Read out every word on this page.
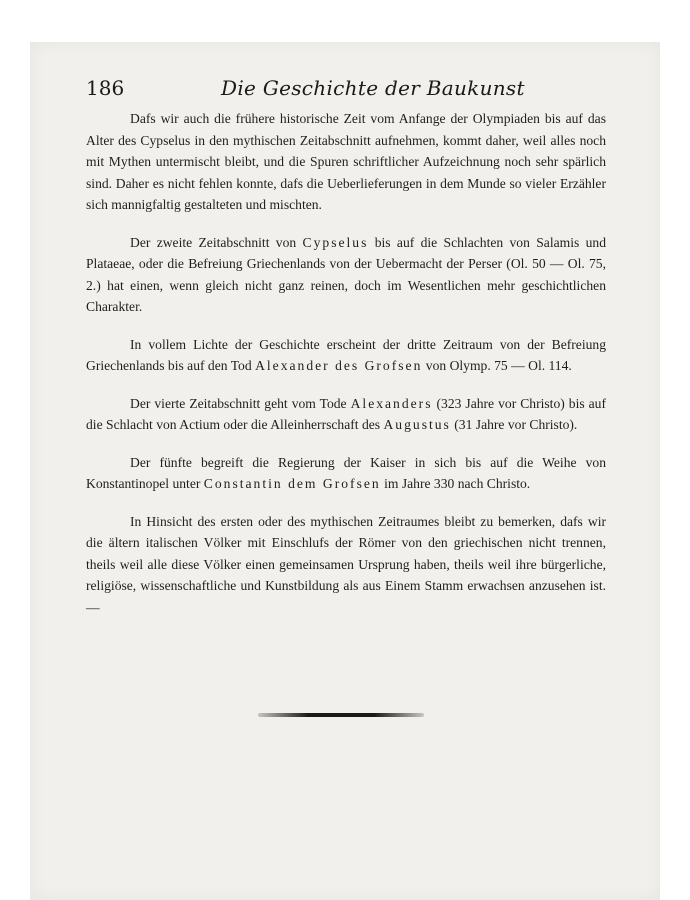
186	Die Geschichte der Baukunst

Dafs wir auch die frühere historische Zeit vom Anfange der Olympiaden bis auf das Alter des Cypselus in den mythischen Zeitabschnitt aufnehmen, kommt daher, weil alles noch mit Mythen untermischt bleibt, und die Spuren schriftlicher Aufzeichnung noch sehr spärlich sind. Daher es nicht fehlen konnte, dafs die Ueberlieferungen in dem Munde so vieler Erzähler sich mannigfaltig gestalteten und mischten.

Der zweite Zeitabschnitt von Cypselus bis auf die Schlachten von Salamis und Plataeae, oder die Befreiung Griechenlands von der Uebermacht der Perser (Ol. 50 — Ol. 75, 2.) hat einen, wenn gleich nicht ganz reinen, doch im Wesentlichen mehr geschichtlichen Charakter.

In vollem Lichte der Geschichte erscheint der dritte Zeitraum von der Befreiung Griechenlands bis auf den Tod Alexander des Grofsen von Olymp. 75 — Ol. 114.

Der vierte Zeitabschnitt geht vom Tode Alexanders (323 Jahre vor Christo) bis auf die Schlacht von Actium oder die Alleinherrschaft des Augustus (31 Jahre vor Christo).

Der fünfte begreift die Regierung der Kaiser in sich bis auf die Weihe von Konstantinopel unter Constantin dem Grofsen im Jahre 330 nach Christo.

In Hinsicht des ersten oder des mythischen Zeitraumes bleibt zu bemerken, dafs wir die ältern italischen Völker mit Einschlufs der Römer von den griechischen nicht trennen, theils weil alle diese Völker einen gemeinsamen Ursprung haben, theils weil ihre bürgerliche, religiöse, wissenschaftliche und Kunstbildung als aus Einem Stamm erwachsen anzusehen ist. —
